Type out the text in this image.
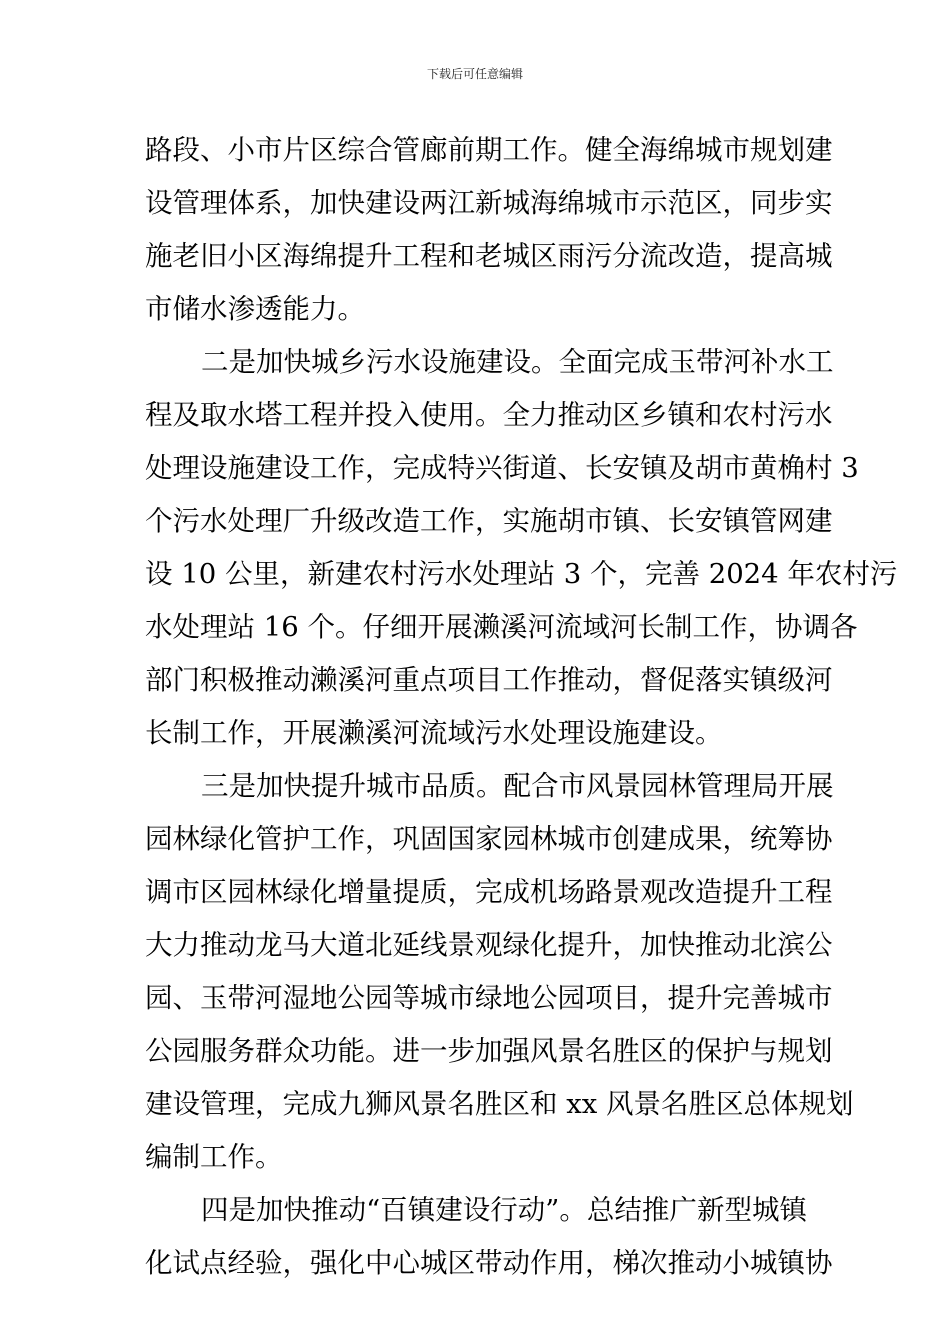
下载后可任意编辑
路段、小市片区综合管廊前期工作。健全海绵城市规划建
设管理体系，加快建设两江新城海绵城市示范区，同步实
施老旧小区海绵提升工程和老城区雨污分流改造，提高城
市储水渗透能力。
二是加快城乡污水设施建设。全面完成玉带河补水工
程及取水塔工程并投入使用。全力推动区乡镇和农村污水
处理设施建设工作，完成特兴街道、长安镇及胡市黄桷村 3
个污水处理厂升级改造工作，实施胡市镇、长安镇管网建
设 10 公里，新建农村污水处理站 3 个，完善 2024 年农村污
水处理站 16 个。仔细开展濑溪河流域河长制工作，协调各
部门积极推动濑溪河重点项目工作推动，督促落实镇级河
长制工作，开展濑溪河流域污水处理设施建设。
三是加快提升城市品质。配合市风景园林管理局开展
园林绿化管护工作，巩固国家园林城市创建成果，统筹协
调市区园林绿化增量提质，完成机场路景观改造提升工程
大力推动龙马大道北延线景观绿化提升，加快推动北滨公
园、玉带河湿地公园等城市绿地公园项目，提升完善城市
公园服务群众功能。进一步加强风景名胜区的保护与规划
建设管理，完成九狮风景名胜区和 xx 风景名胜区总体规划
编制工作。
四是加快推动“百镇建设行动”。总结推广新型城镇
化试点经验，强化中心城区带动作用，梯次推动小城镇协
